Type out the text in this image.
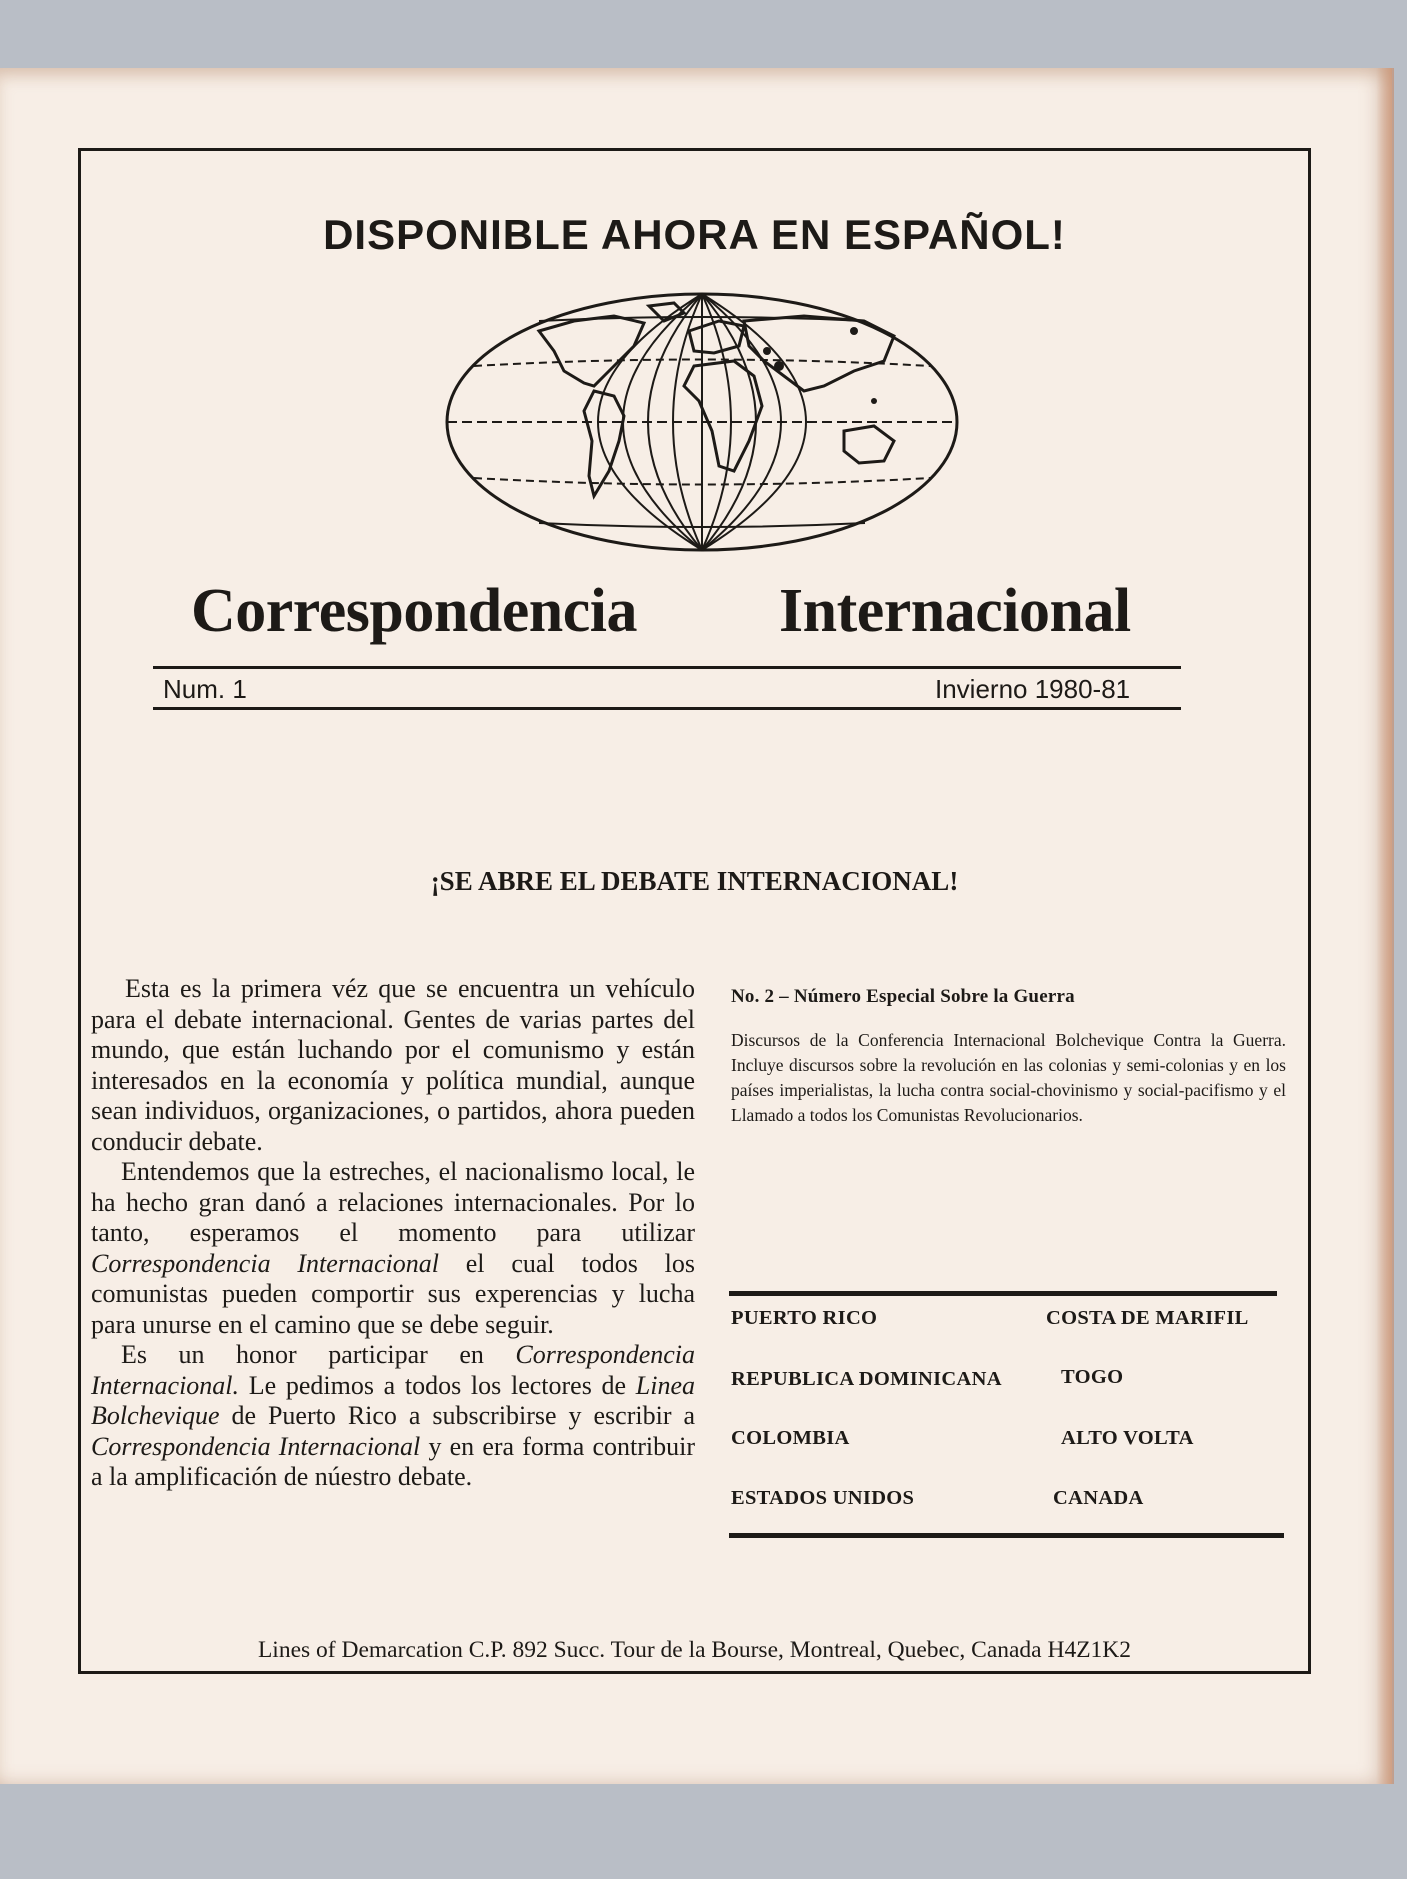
DISPONIBLE AHORA EN ESPAÑOL!
Correspondencia Internacional
Num. 1	Invierno 1980-81
¡SE ABRE EL DEBATE INTERNACIONAL!

Esta es la primera véz que se encuentra un vehículo para el debate internacional. Gentes de varias partes del mundo, que están luchando por el comunismo y están interesados en la economía y política mundial, aunque sean individuos, organizaciones, o partidos, ahora pueden conducir debate.

Entendemos que la estreches, el nacionalismo local, le ha hecho gran danó a relaciones internacionales. Por lo tanto, esperamos el momento para utilizar Correspondencia Internacional el cual todos los comunistas pueden comportir sus experencias y lucha para unurse en el camino que se debe seguir.

Es un honor participar en Correspondencia Internacional. Le pedimos a todos los lectores de Linea Bolchevique de Puerto Rico a subscribirse y escribir a Correspondencia Internacional y en era forma contribuir a la amplificación de núestro debate.

No. 2 – Número Especial Sobre la Guerra
Discursos de la Conferencia Internacional Bolchevique Contra la Guerra. Incluye discursos sobre la revolución en las colonias y semi-colonias y en los países imperialistas, la lucha contra social-chovinismo y social-pacifismo y el Llamado a todos los Comunistas Revolucionarios.
PUERTO RICO
REPUBLICA DOMINICANA
COLOMBIA
ESTADOS UNIDOS
COSTA DE MARIFIL
TOGO
ALTO VOLTA
CANADA
Lines of Demarcation C.P. 892 Succ. Tour de la Bourse, Montreal, Quebec, Canada H4Z1K2
